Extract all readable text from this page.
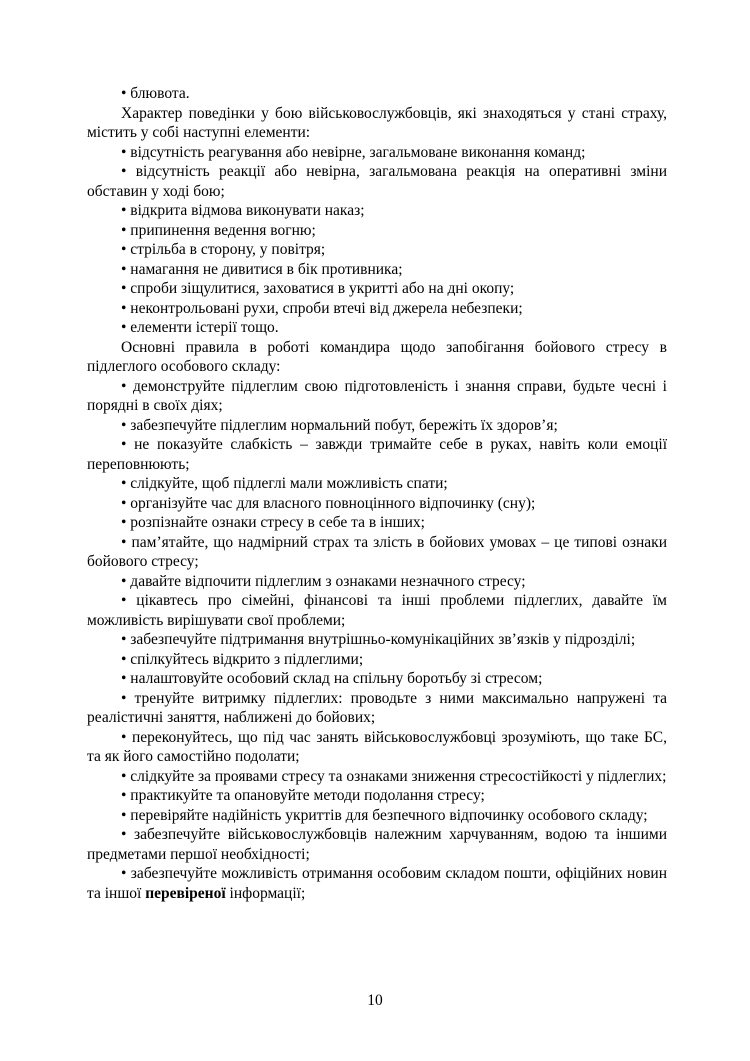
• блювота.

Характер поведінки у бою військовослужбовців, які знаходяться у стані страху, містить у собі наступні елементи:

• відсутність реагування або невірне, загальмоване виконання команд;

• відсутність реакції або невірна, загальмована реакція на оперативні зміни обставин у ході бою;

• відкрита відмова виконувати наказ;

• припинення ведення вогню;

• стрільба в сторону, у повітря;

• намагання не дивитися в бік противника;

• спроби зіщулитися, заховатися в укритті або на дні окопу;

• неконтрольовані рухи, спроби втечі від джерела небезпеки;

• елементи істерії тощо.

Основні правила в роботі командира щодо запобігання бойового стресу в підлеглого особового складу:

• демонструйте підлеглим свою підготовленість і знання справи, будьте чесні і порядні в своїх діях;

• забезпечуйте підлеглим нормальний побут, бережіть їх здоров’я;

• не показуйте слабкість – завжди тримайте себе в руках, навіть коли емоції переповнюють;

• слідкуйте, щоб підлеглі мали можливість спати;

• організуйте час для власного повноцінного відпочинку (сну);

• розпізнайте ознаки стресу в себе та в інших;

• пам’ятайте, що надмірний страх та злість в бойових умовах – це типові ознаки бойового стресу;

• давайте відпочити підлеглим з ознаками незначного стресу;

• цікавтесь про сімейні, фінансові та інші проблеми підлеглих, давайте їм можливість вирішувати свої проблеми;

• забезпечуйте підтримання внутрішньо-комунікаційних зв’язків у підрозділі;

• спілкуйтесь відкрито з підлеглими;

• налаштовуйте особовий склад на спільну боротьбу зі стресом;

• тренуйте витримку підлеглих: проводьте з ними максимально напружені та реалістичні заняття, наближені до бойових;

• переконуйтесь, що під час занять військовослужбовці зрозуміють, що таке БС, та як його самостійно подолати;

• слідкуйте за проявами стресу та ознаками зниження стресостійкості у підлеглих;

• практикуйте та опановуйте методи подолання стресу;

• перевіряйте надійність укриттів для безпечного відпочинку особового складу;

• забезпечуйте військовослужбовців належним харчуванням, водою та іншими предметами першої необхідності;

• забезпечуйте можливість отримання особовим складом пошти, офіційних новин та іншої перевіреної інформації;

10
